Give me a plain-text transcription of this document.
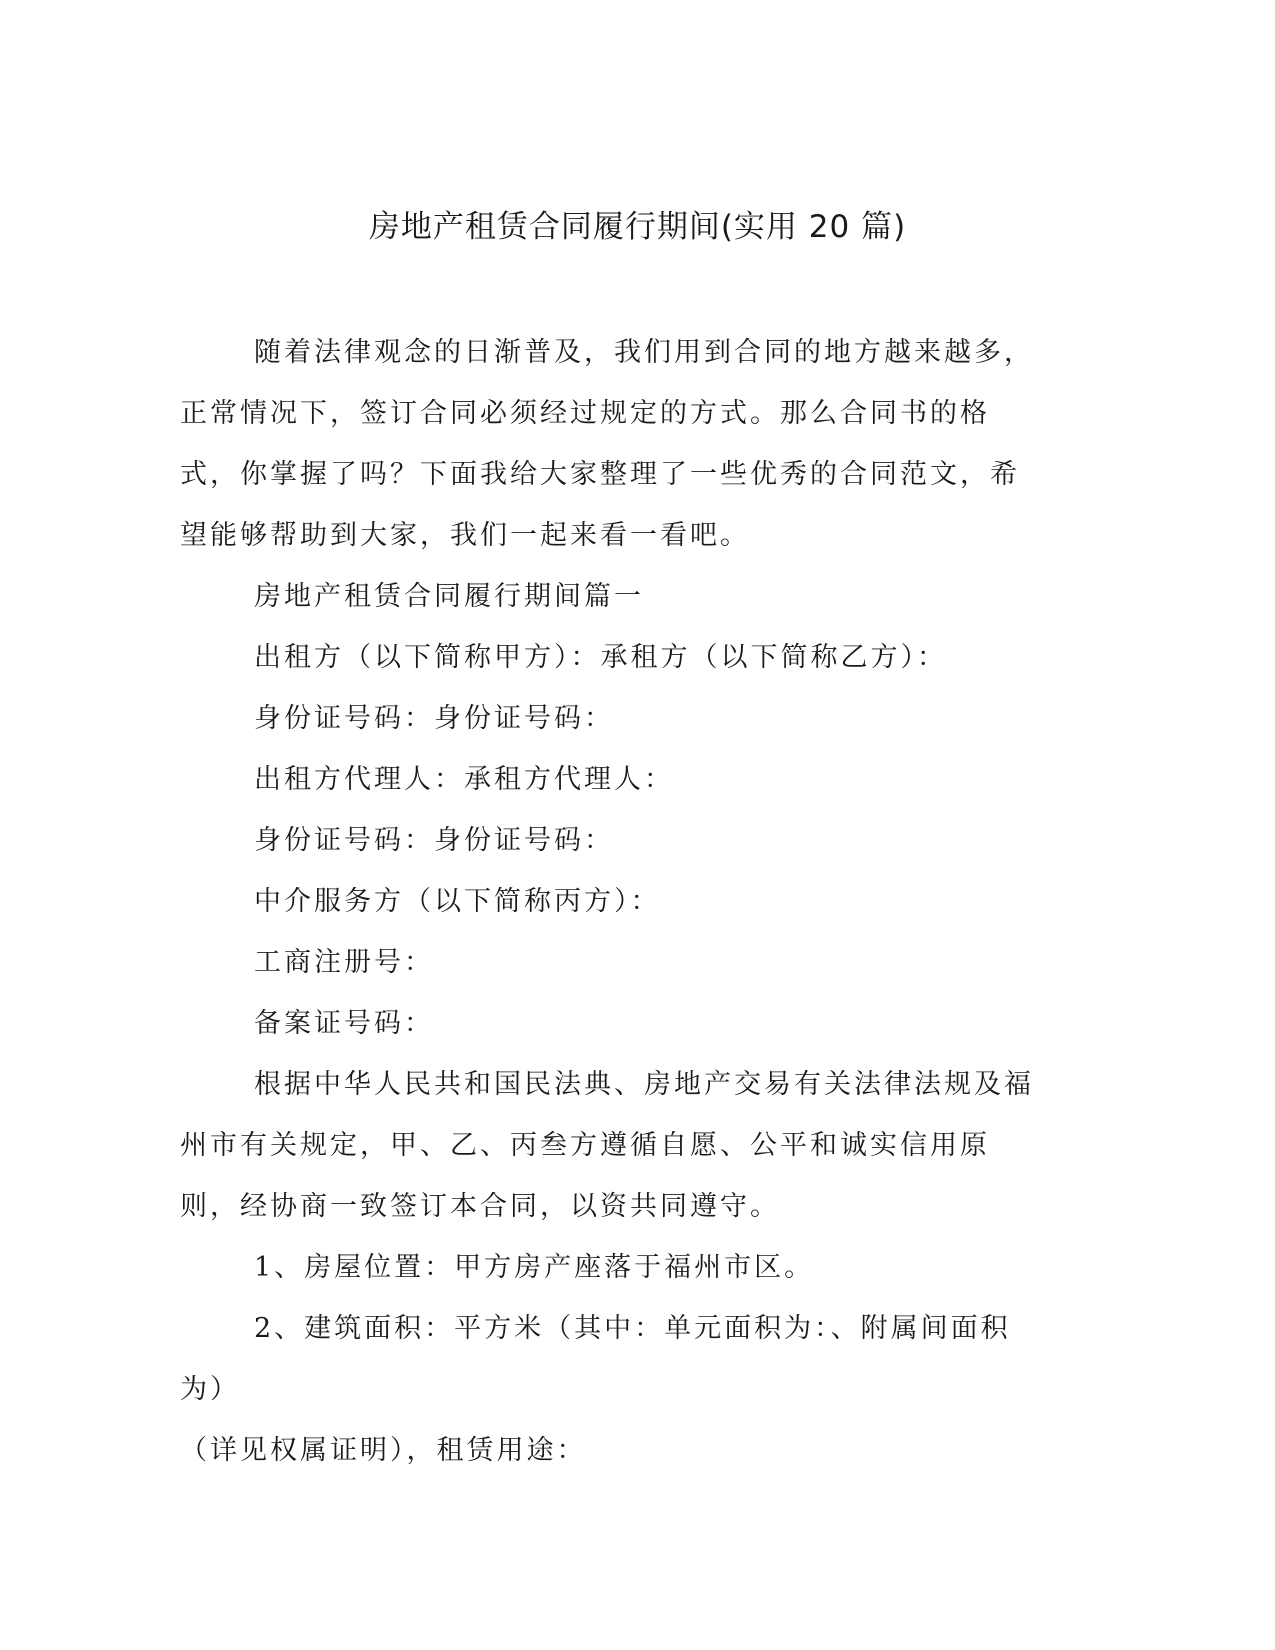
房地产租赁合同履行期间(实用 20 篇)

随着法律观念的日渐普及，我们用到合同的地方越来越多，正常情况下，签订合同必须经过规定的方式。那么合同书的格式，你掌握了吗？下面我给大家整理了一些优秀的合同范文，希望能够帮助到大家，我们一起来看一看吧。

房地产租赁合同履行期间篇一

出租方（以下简称甲方）：承租方（以下简称乙方）：

身份证号码：身份证号码：

出租方代理人：承租方代理人：

身份证号码：身份证号码：

中介服务方（以下简称丙方）：

工商注册号：

备案证号码：

根据中华人民共和国民法典、房地产交易有关法律法规及福州市有关规定，甲、乙、丙叁方遵循自愿、公平和诚实信用原则，经协商一致签订本合同，以资共同遵守。

1、房屋位置：甲方房产座落于福州市区。

2、建筑面积：平方米（其中：单元面积为：、附属间面积为）

（详见权属证明），租赁用途：
